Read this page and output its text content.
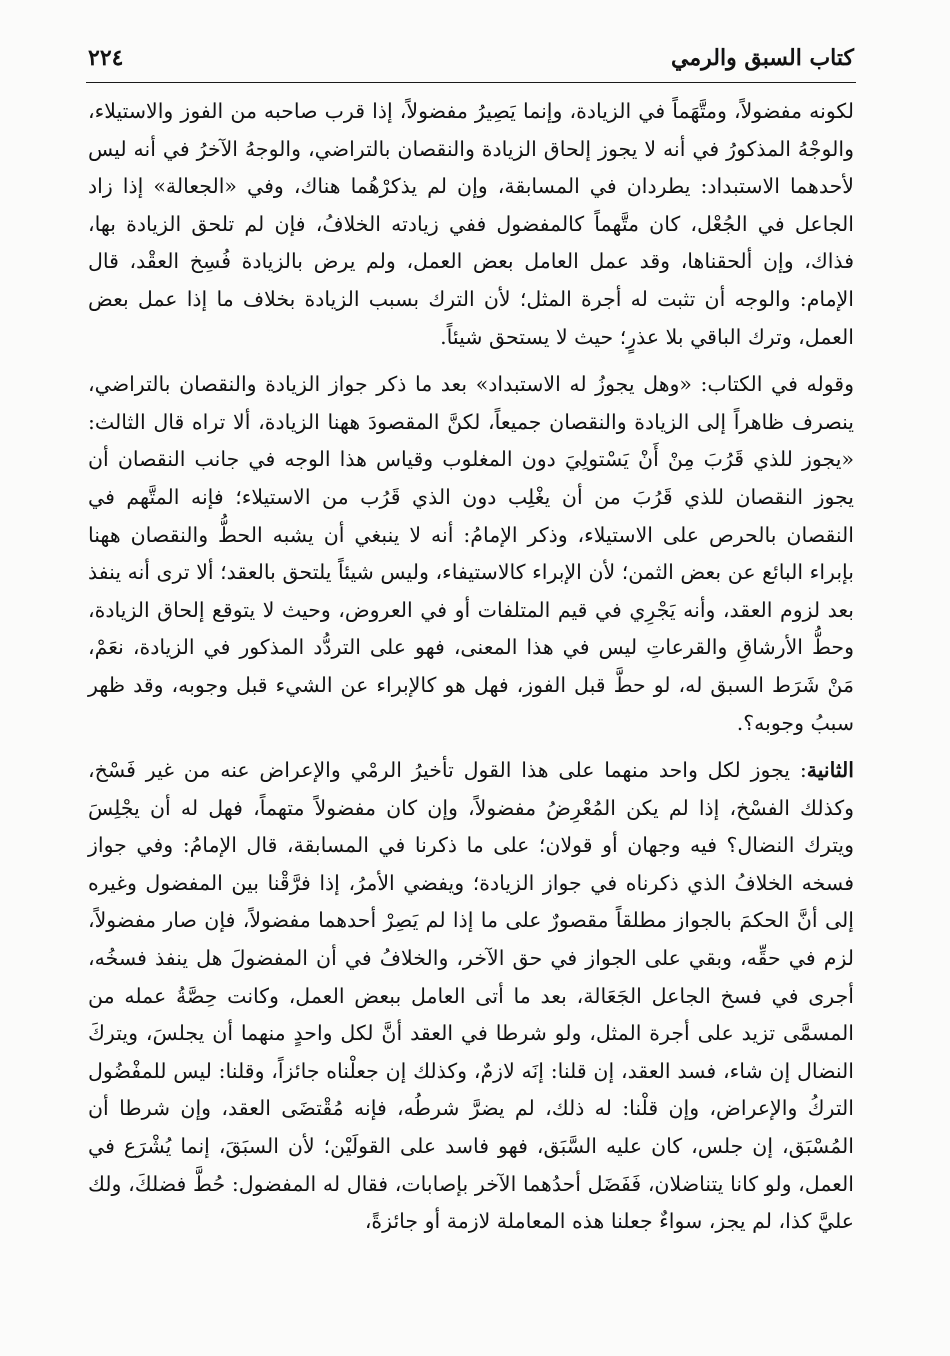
كتاب السبق والرمي
٢٢٤

لكونه مفضولاً، ومتَّهَماً في الزيادة، وإنما يَصِيرُ مفضولاً، إذا قرب صاحبه من الفوز والاستيلاء، والوجْهُ المذكورُ في أنه لا يجوز إلحاق الزيادة والنقصان بالتراضي، والوجهُ الآخرُ في أنه ليس لأحدهما الاستبداد: يطردان في المسابقة، وإن لم يذكرْهُما هناك، وفي «الجعالة» إذا زاد الجاعل في الجُعْل، كان متَّهماً كالمفضول ففي زيادته الخلافُ، فإن لم تلحق الزيادة بها، فذاك، وإن ألحقناها، وقد عمل العامل بعض العمل، ولم يرض بالزيادة فُسِخ العقْد، قال الإمام: والوجه أن تثبت له أجرة المثل؛ لأن الترك بسبب الزيادة بخلاف ما إذا عمل بعض العمل، وترك الباقي بلا عذرٍ؛ حيث لا يستحق شيئاً.

وقوله في الكتاب: «وهل يجوزُ له الاستبداد» بعد ما ذكر جواز الزيادة والنقصان بالتراضي، ينصرف ظاهراً إلى الزيادة والنقصان جميعاً، لكنَّ المقصودَ ههنا الزيادة، ألا تراه قال الثالث: «يجوز للذي قَرُبَ مِنْ أَنْ يَسْتولِيَ دون المغلوب وقياس هذا الوجه في جانب النقصان أن يجوز النقصان للذي قَرُبَ من أن يغْلِب دون الذي قَرُب من الاستيلاء؛ فإنه المتَّهم في النقصان بالحرص على الاستيلاء، وذكر الإمامُ: أنه لا ينبغي أن يشبه الحطُّ والنقصان ههنا بإبراء البائع عن بعض الثمن؛ لأن الإبراء كالاستيفاء، وليس شيئاً يلتحق بالعقد؛ ألا ترى أنه ينفذ بعد لزوم العقد، وأنه يَجْرِي في قيم المتلفات أو في العروض، وحيث لا يتوقع إلحاق الزيادة، وحطُّ الأرشاقِ والقرعاتِ ليس في هذا المعنى، فهو على التردُّد المذكور في الزيادة، نعَمْ، مَنْ شَرَط السبق له، لو حطَّ قبل الفوز، فهل هو كالإبراء عن الشيء قبل وجوبه، وقد ظهر سببُ وجوبه؟.

الثانية: يجوز لكل واحد منهما على هذا القول تأخيرُ الرمْي والإعراض عنه من غير فَسْخ، وكذلك الفسْخ، إذا لم يكن المُعْرِضُ مفضولاً، وإن كان مفضولاً متهماً، فهل له أن يجْلِسَ ويترك النضال؟ فيه وجهان أو قولان؛ على ما ذكرنا في المسابقة، قال الإمامُ: وفي جواز فسخه الخلافُ الذي ذكرناه في جواز الزيادة؛ ويفضي الأمرُ، إذا فرَّقْنا بين المفضول وغيره إلى أنَّ الحكمَ بالجواز مطلقاً مقصورٌ على ما إذا لم يَصِرْ أحدهما مفضولاً، فإن صار مفضولاً، لزم في حقِّه، وبقي على الجواز في حق الآخر، والخلافُ في أن المفضولَ هل ينفذ فسخُه، أجرى في فسخ الجاعل الجَعَالة، بعد ما أتى العامل ببعض العمل، وكانت حِصَّةُ عمله من المسمَّى تزيد على أجرة المثل، ولو شرطا في العقد أنَّ لكل واحدٍ منهما أن يجلسَ، ويتركَ النضال إن شاء، فسد العقد، إن قلنا: إنَه لازمٌ، وكذلك إن جعلْناه جائزاً، وقلنا: ليس للمفْضُول التركُ والإعراض، وإن قلْنا: له ذلك، لم يضرَّ شرطُه، فإنه مُقْتضَى العقد، وإن شرطا أن المُسْبَق، إن جلس، كان عليه السَّبَق، فهو فاسد على القولَيْن؛ لأن السبَقَ، إنما يُشْرَع في العمل، ولو كانا يتناضلان، فَفَضَل أحدُهما الآخر بإصابات، فقال له المفضول: حُطَّ فضلكَ، ولك عليَّ كذا، لم يجز، سواءٌ جعلنا هذه المعاملة لازمة أو جائزةً،
